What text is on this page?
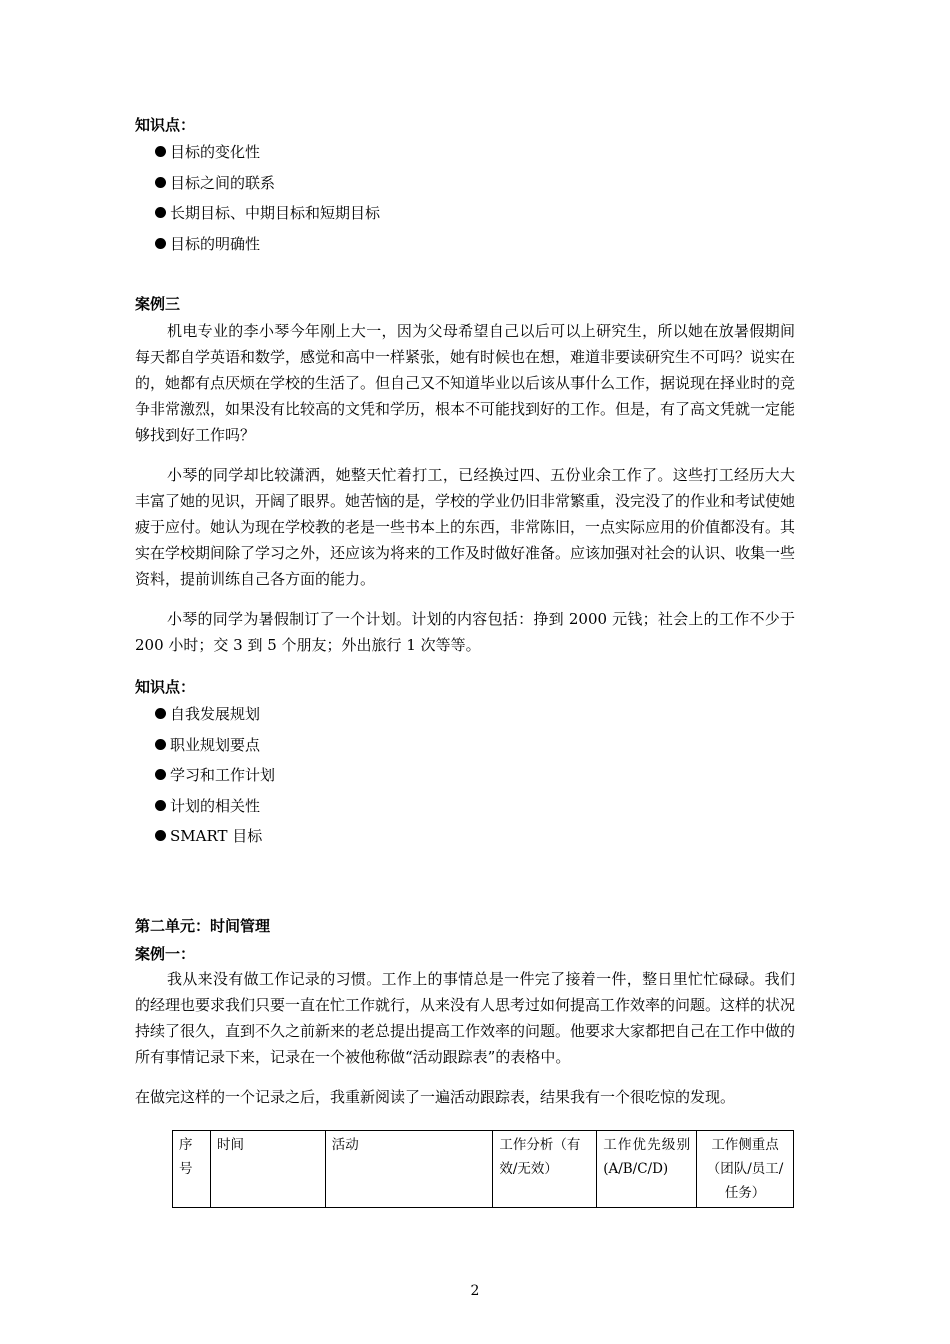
知识点：
目标的变化性
目标之间的联系
长期目标、中期目标和短期目标
目标的明确性
案例三

机电专业的李小琴今年刚上大一，因为父母希望自己以后可以上研究生，所以她在放暑假期间每天都自学英语和数学，感觉和高中一样紧张，她有时候也在想，难道非要读研究生不可吗？说实在的，她都有点厌烦在学校的生活了。但自己又不知道毕业以后该从事什么工作，据说现在择业时的竞争非常激烈，如果没有比较高的文凭和学历，根本不可能找到好的工作。但是，有了高文凭就一定能够找到好工作吗？

小琴的同学却比较潇洒，她整天忙着打工，已经换过四、五份业余工作了。这些打工经历大大丰富了她的见识，开阔了眼界。她苦恼的是，学校的学业仍旧非常繁重，没完没了的作业和考试使她疲于应付。她认为现在学校教的老是一些书本上的东西，非常陈旧，一点实际应用的价值都没有。其实在学校期间除了学习之外，还应该为将来的工作及时做好准备。应该加强对社会的认识、收集一些资料，提前训练自己各方面的能力。

小琴的同学为暑假制订了一个计划。计划的内容包括：挣到 2000 元钱；社会上的工作不少于 200 小时；交 3 到 5 个朋友；外出旅行 1 次等等。

知识点：
自我发展规划
职业规划要点
学习和工作计划
计划的相关性
SMART 目标
第二单元：时间管理
案例一：

我从来没有做工作记录的习惯。工作上的事情总是一件完了接着一件，整日里忙忙碌碌。我们的经理也要求我们只要一直在忙工作就行，从来没有人思考过如何提高工作效率的问题。这样的状况持续了很久，直到不久之前新来的老总提出提高工作效率的问题。他要求大家都把自己在工作中做的所有事情记录下来，记录在一个被他称做“活动跟踪表”的表格中。

在做完这样的一个记录之后，我重新阅读了一遍活动跟踪表，结果我有一个很吃惊的发现。

序号	时间	活动	工作分析（有效/无效）	工作优先级别(A/B/C/D)	工作侧重点（团队/员工/任务）
2
